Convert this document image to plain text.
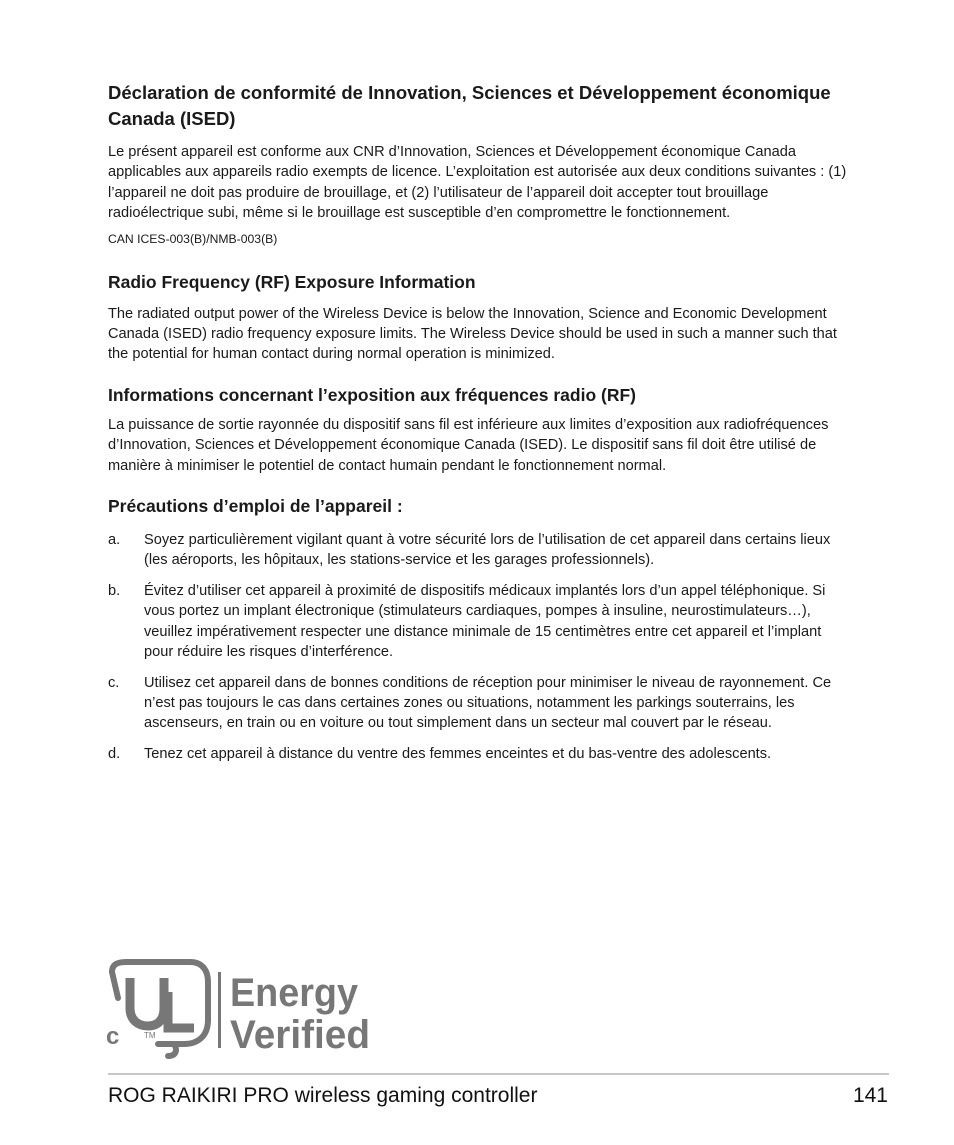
Déclaration de conformité de Innovation, Sciences et Développement économique Canada (ISED)

Le présent appareil est conforme aux CNR d’Innovation, Sciences et Développement économique Canada applicables aux appareils radio exempts de licence. L’exploitation est autorisée aux deux conditions suivantes : (1) l’appareil ne doit pas produire de brouillage, et (2) l’utilisateur de l’appareil doit accepter tout brouillage radioélectrique subi, même si le brouillage est susceptible d’en compromettre le fonctionnement.

CAN ICES-003(B)/NMB-003(B)

Radio Frequency (RF) Exposure Information

The radiated output power of the Wireless Device is below the Innovation, Science and Economic Development Canada (ISED) radio frequency exposure limits. The Wireless Device should be used in such a manner such that the potential for human contact during normal operation is minimized.

Informations concernant l’exposition aux fréquences radio (RF)

La puissance de sortie rayonnée du dispositif sans fil est inférieure aux limites d’exposition aux radiofréquences d’Innovation, Sciences et Développement économique Canada (ISED). Le dispositif sans fil doit être utilisé de manière à minimiser le potentiel de contact humain pendant le fonctionnement normal.

Précautions d’emploi de l’appareil :
a.	Soyez particulièrement vigilant quant à votre sécurité lors de l’utilisation de cet appareil dans certains lieux (les aéroports, les hôpitaux, les stations-service et les garages professionnels).
b.	Évitez d’utiliser cet appareil à proximité de dispositifs médicaux implantés lors d’un appel téléphonique. Si vous portez un implant électronique (stimulateurs cardiaques, pompes à insuline, neurostimulateurs…), veuillez impérativement respecter une distance minimale de 15 centimètres entre cet appareil et l’implant pour réduire les risques d’interférence.
c.	Utilisez cet appareil dans de bonnes conditions de réception pour minimiser le niveau de rayonnement. Ce n’est pas toujours le cas dans certaines zones ou situations, notamment les parkings souterrains, les ascenseurs, en train ou en voiture ou tout simplement dans un secteur mal couvert par le réseau.
d.	Tenez cet appareil à distance du ventre des femmes enceintes et du bas-ventre des adolescents.
c	TM
Energy
Verified
ROG RAIKIRI PRO wireless gaming controller	141
